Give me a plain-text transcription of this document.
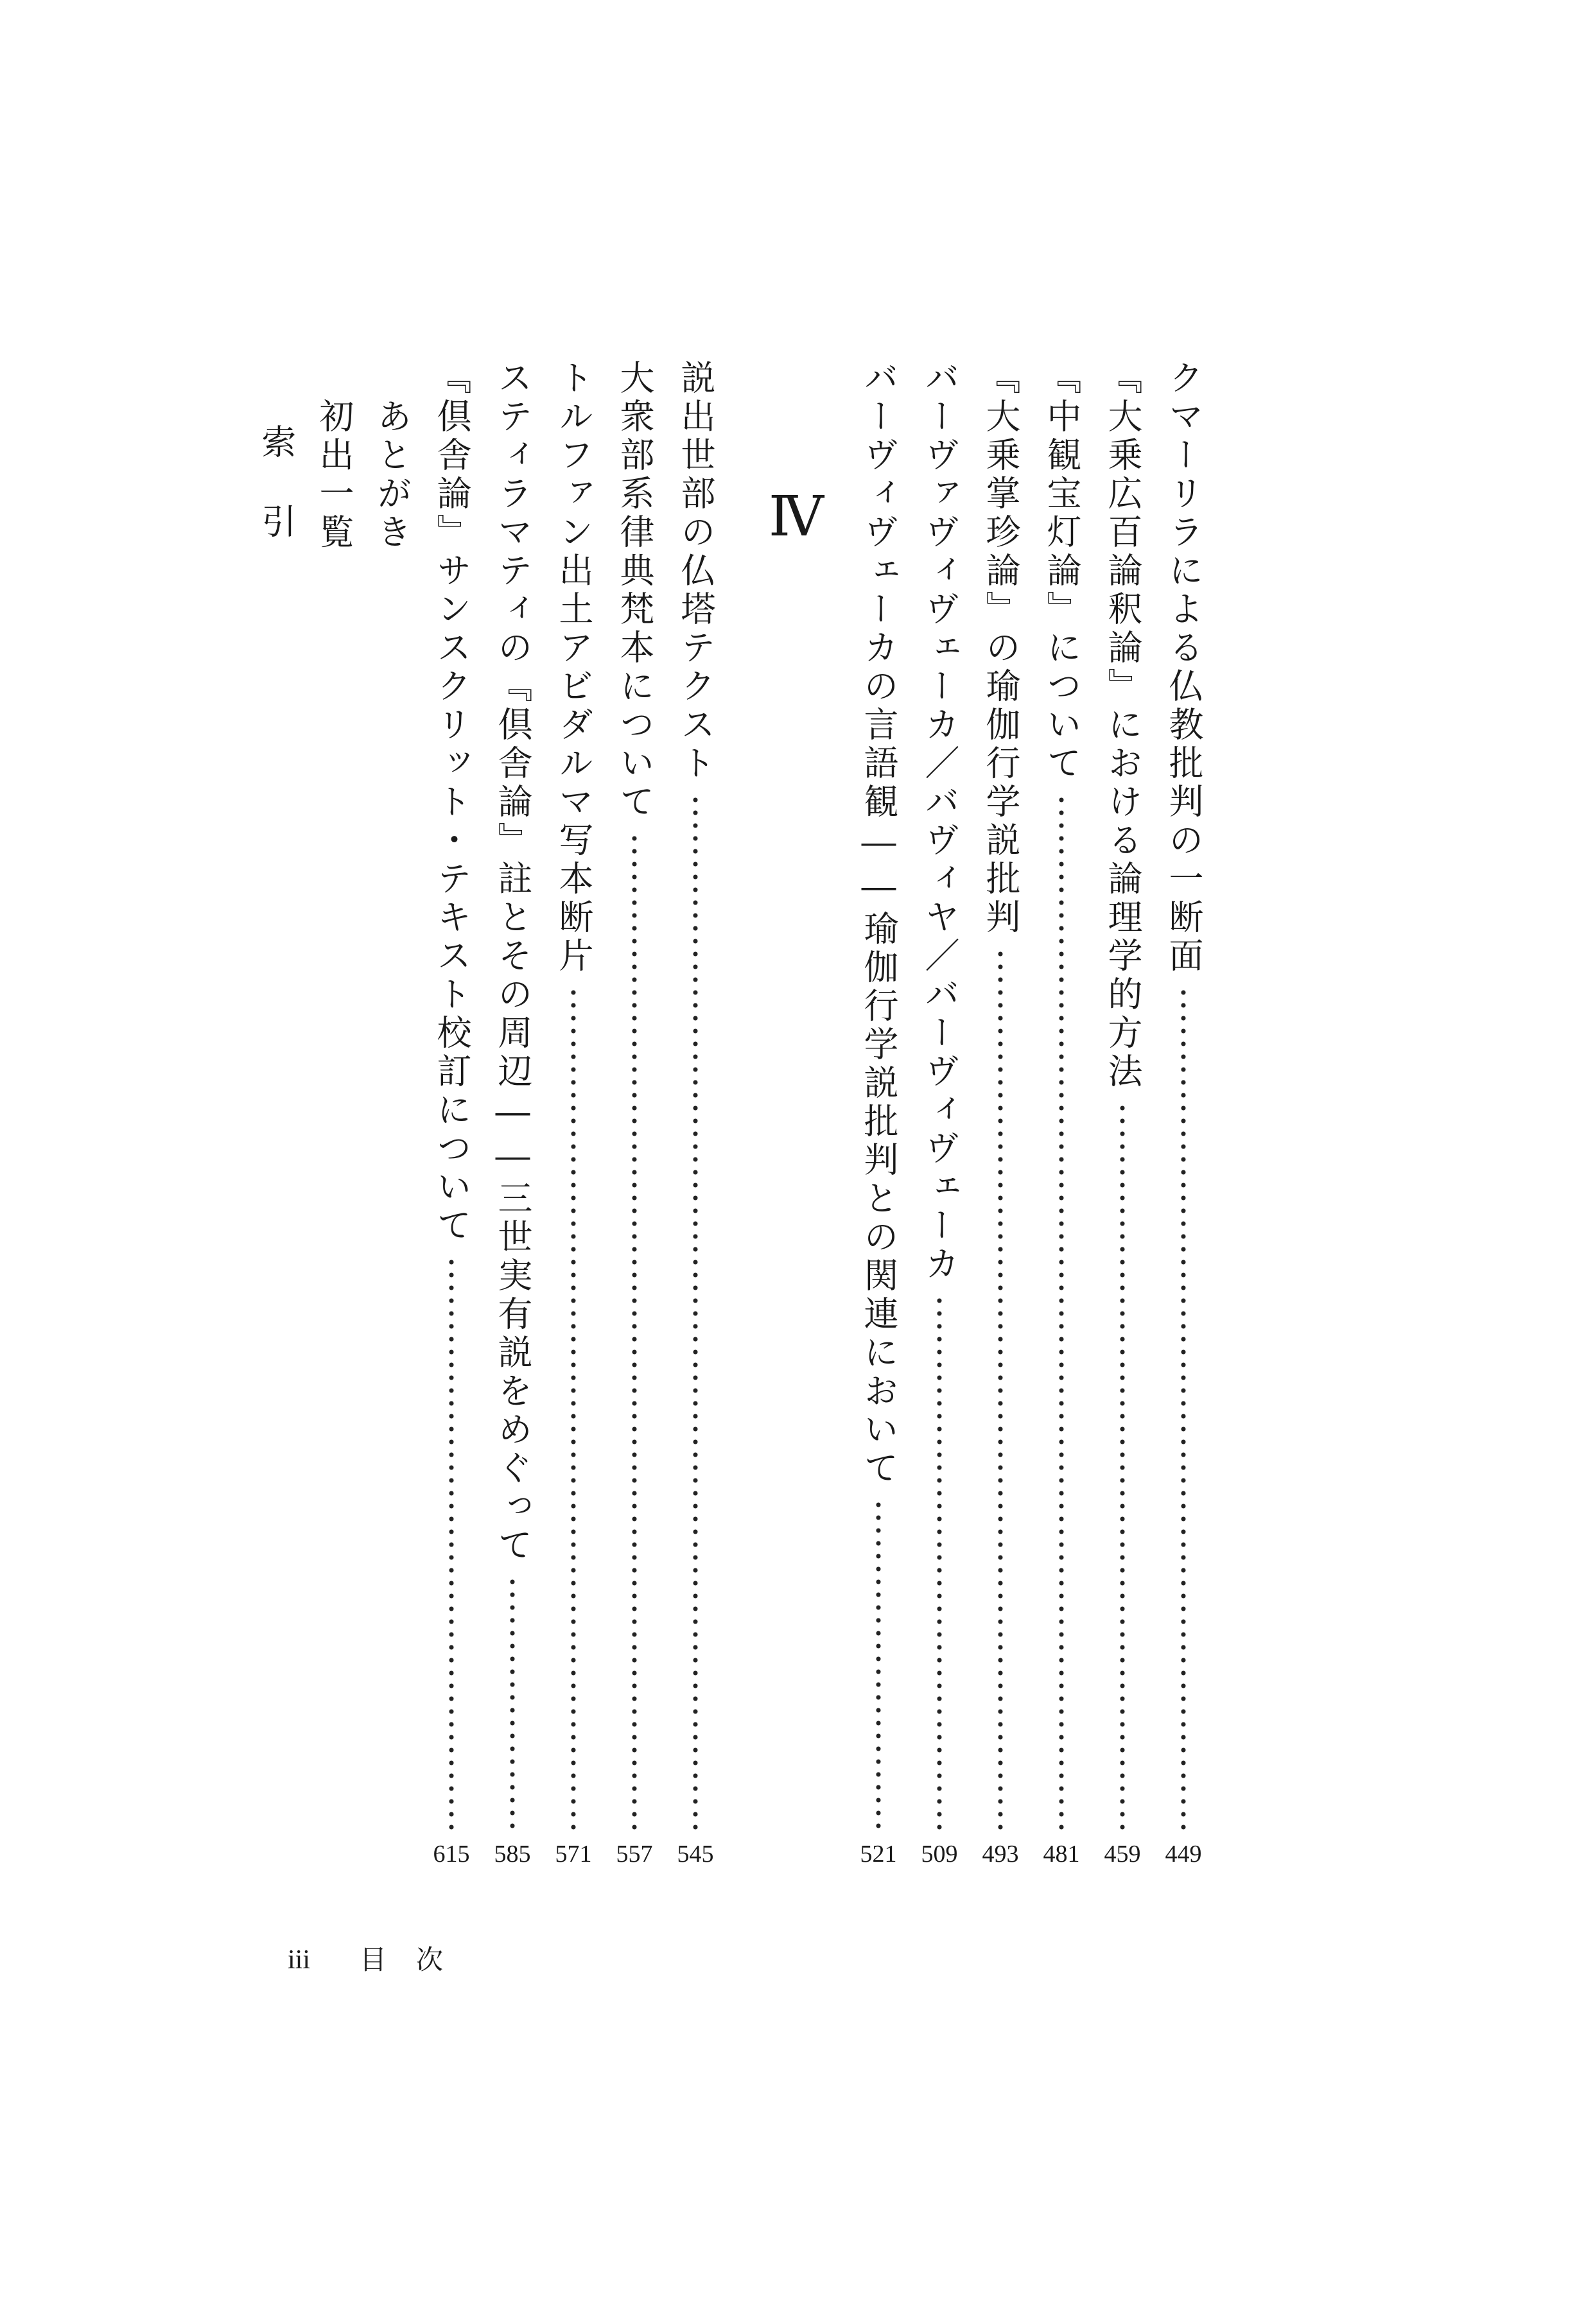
クマーリラによる仏教批判の一断面
449
『大乗広百論釈論』における論理学的方法
459
『中観宝灯論』について
481
『大乗掌珍論』の瑜伽行学説批判
493
バーヴァヴィヴェーカ／バヴィヤ／バーヴィヴェーカ
509
バーヴィヴェーカの言語観――瑜伽行学説批判との関連において
521
Ⅳ
説出世部の仏塔テクスト
545
大衆部系律典梵本について
557
トルファン出土アビダルマ写本断片
571
スティラマティの『倶舎論』註とその周辺――三世実有説をめぐって
585
『倶舎論』サンスクリット・テキスト校訂について
615
あとがき
初出一覧
索引
iii 目次
